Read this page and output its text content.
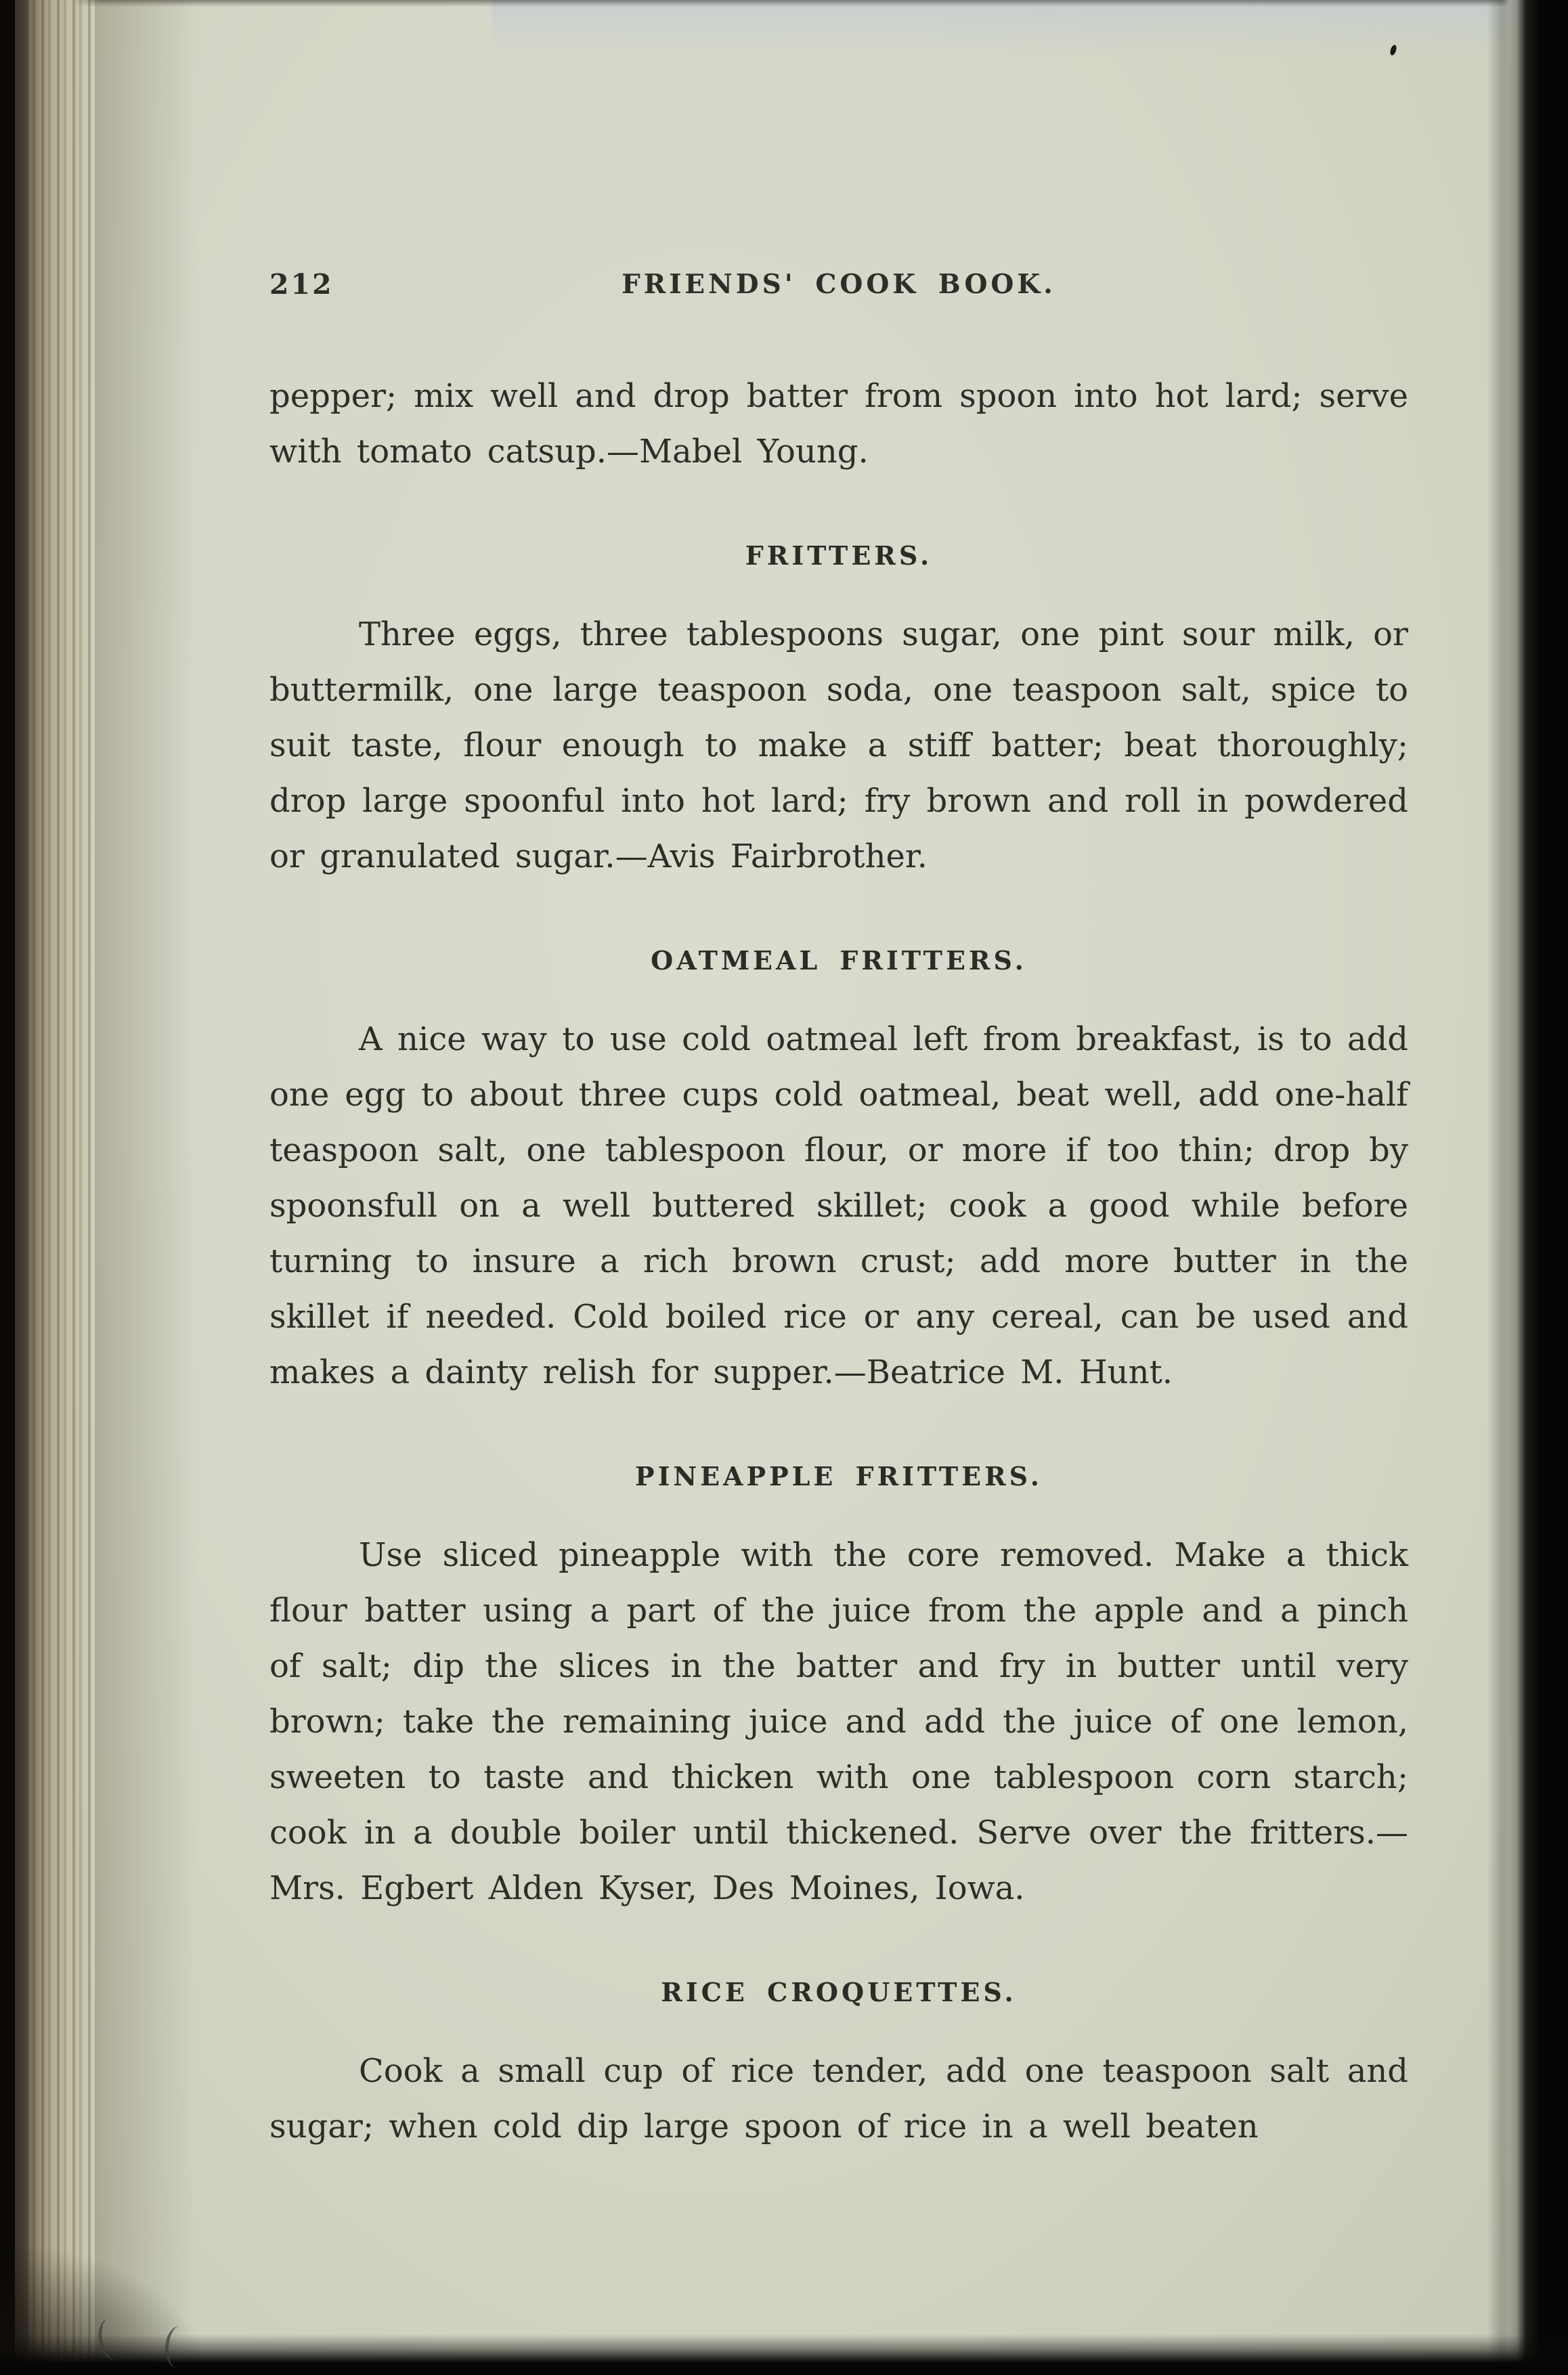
212	FRIENDS' COOK BOOK.

pepper; mix well and drop batter from spoon into hot lard; serve with tomato catsup.—Mabel Young.

FRITTERS.

Three eggs, three tablespoons sugar, one pint sour milk, or buttermilk, one large teaspoon soda, one teaspoon salt, spice to suit taste, flour enough to make a stiff batter; beat thoroughly; drop large spoonful into hot lard; fry brown and roll in powdered or granulated sugar.—Avis Fairbrother.

OATMEAL FRITTERS.

A nice way to use cold oatmeal left from breakfast, is to add one egg to about three cups cold oatmeal, beat well, add one-half teaspoon salt, one tablespoon flour, or more if too thin; drop by spoonsfull on a well buttered skillet; cook a good while before turning to insure a rich brown crust; add more butter in the skillet if needed. Cold boiled rice or any cereal, can be used and makes a dainty relish for supper.—Beatrice M. Hunt.

PINEAPPLE FRITTERS.

Use sliced pineapple with the core removed. Make a thick flour batter using a part of the juice from the apple and a pinch of salt; dip the slices in the batter and fry in butter until very brown; take the remaining juice and add the juice of one lemon, sweeten to taste and thicken with one tablespoon corn starch; cook in a double boiler until thickened. Serve over the fritters.—Mrs. Egbert Alden Kyser, Des Moines, Iowa.

RICE CROQUETTES.

Cook a small cup of rice tender, add one teaspoon salt and sugar; when cold dip large spoon of rice in a well beaten
